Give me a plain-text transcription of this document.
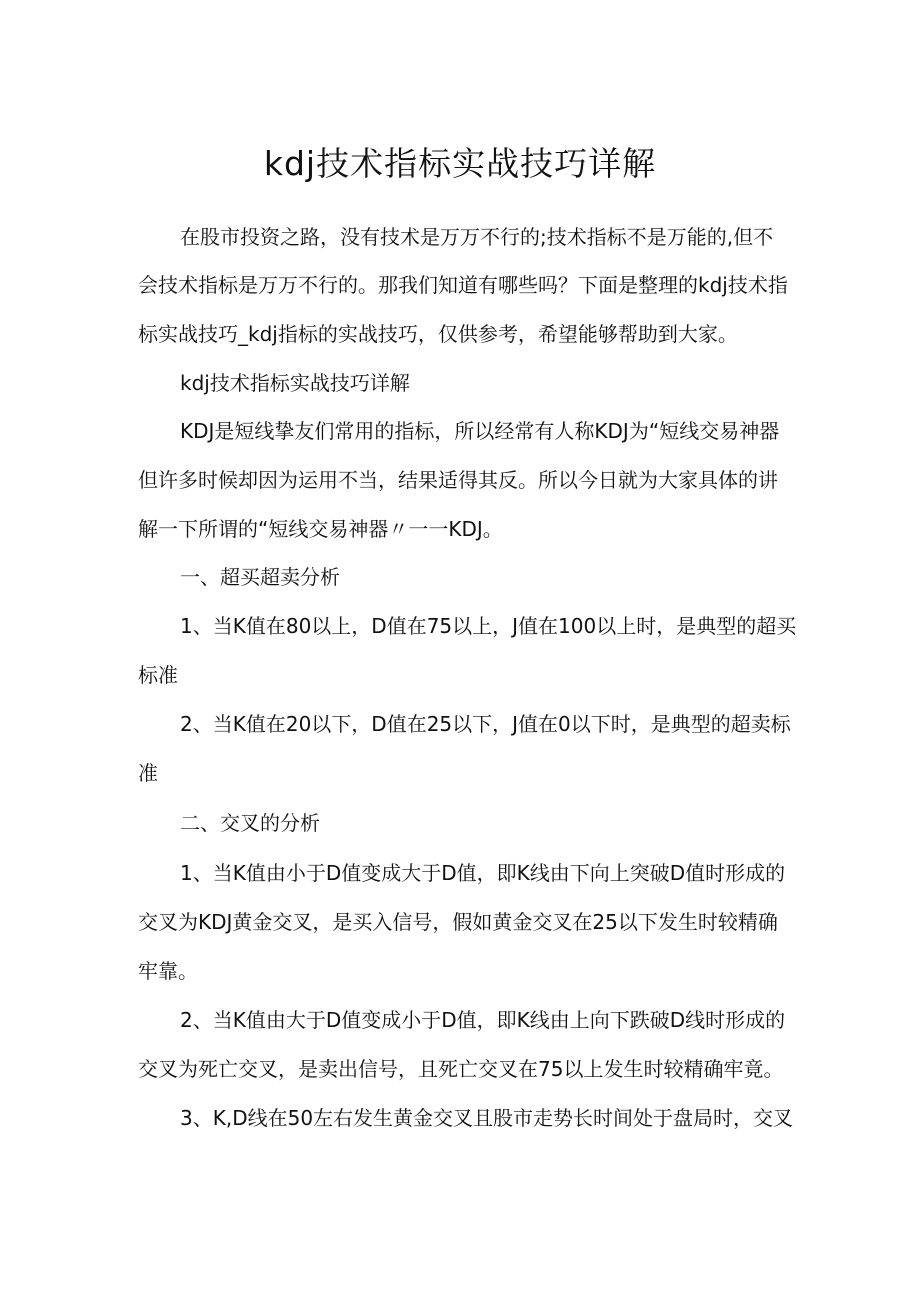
kdj技术指标实战技巧详解

在股市投资之路，没有技术是万万不行的;技术指标不是万能的,但不

会技术指标是万万不行的。那我们知道有哪些吗？下面是整理的kdj技术指

标实战技巧_kdj指标的实战技巧，仅供参考，希望能够帮助到大家。

kdj技术指标实战技巧详解

KDJ是短线挚友们常用的指标，所以经常有人称KDJ为“短线交易神器

但许多时候却因为运用不当，结果适得其反。所以今日就为大家具体的讲

解一下所谓的“短线交易神器〃一一KDJ。

一、超买超卖分析

1、当K值在80以上，D值在75以上，J值在100以上时，是典型的超买

标准

2、当K值在20以下，D值在25以下，J值在0以下时，是典型的超卖标

准

二、交叉的分析

1、当K值由小于D值变成大于D值，即K线由下向上突破D值时形成的

交叉为KDJ黄金交叉，是买入信号，假如黄金交叉在25以下发生时较精确

牢靠。

2、当K值由大于D值变成小于D值，即K线由上向下跌破D线时形成的

交叉为死亡交叉，是卖出信号，且死亡交叉在75以上发生时较精确牢竟。

3、K,D线在50左右发生黄金交叉且股市走势长时间处于盘局时，交叉
